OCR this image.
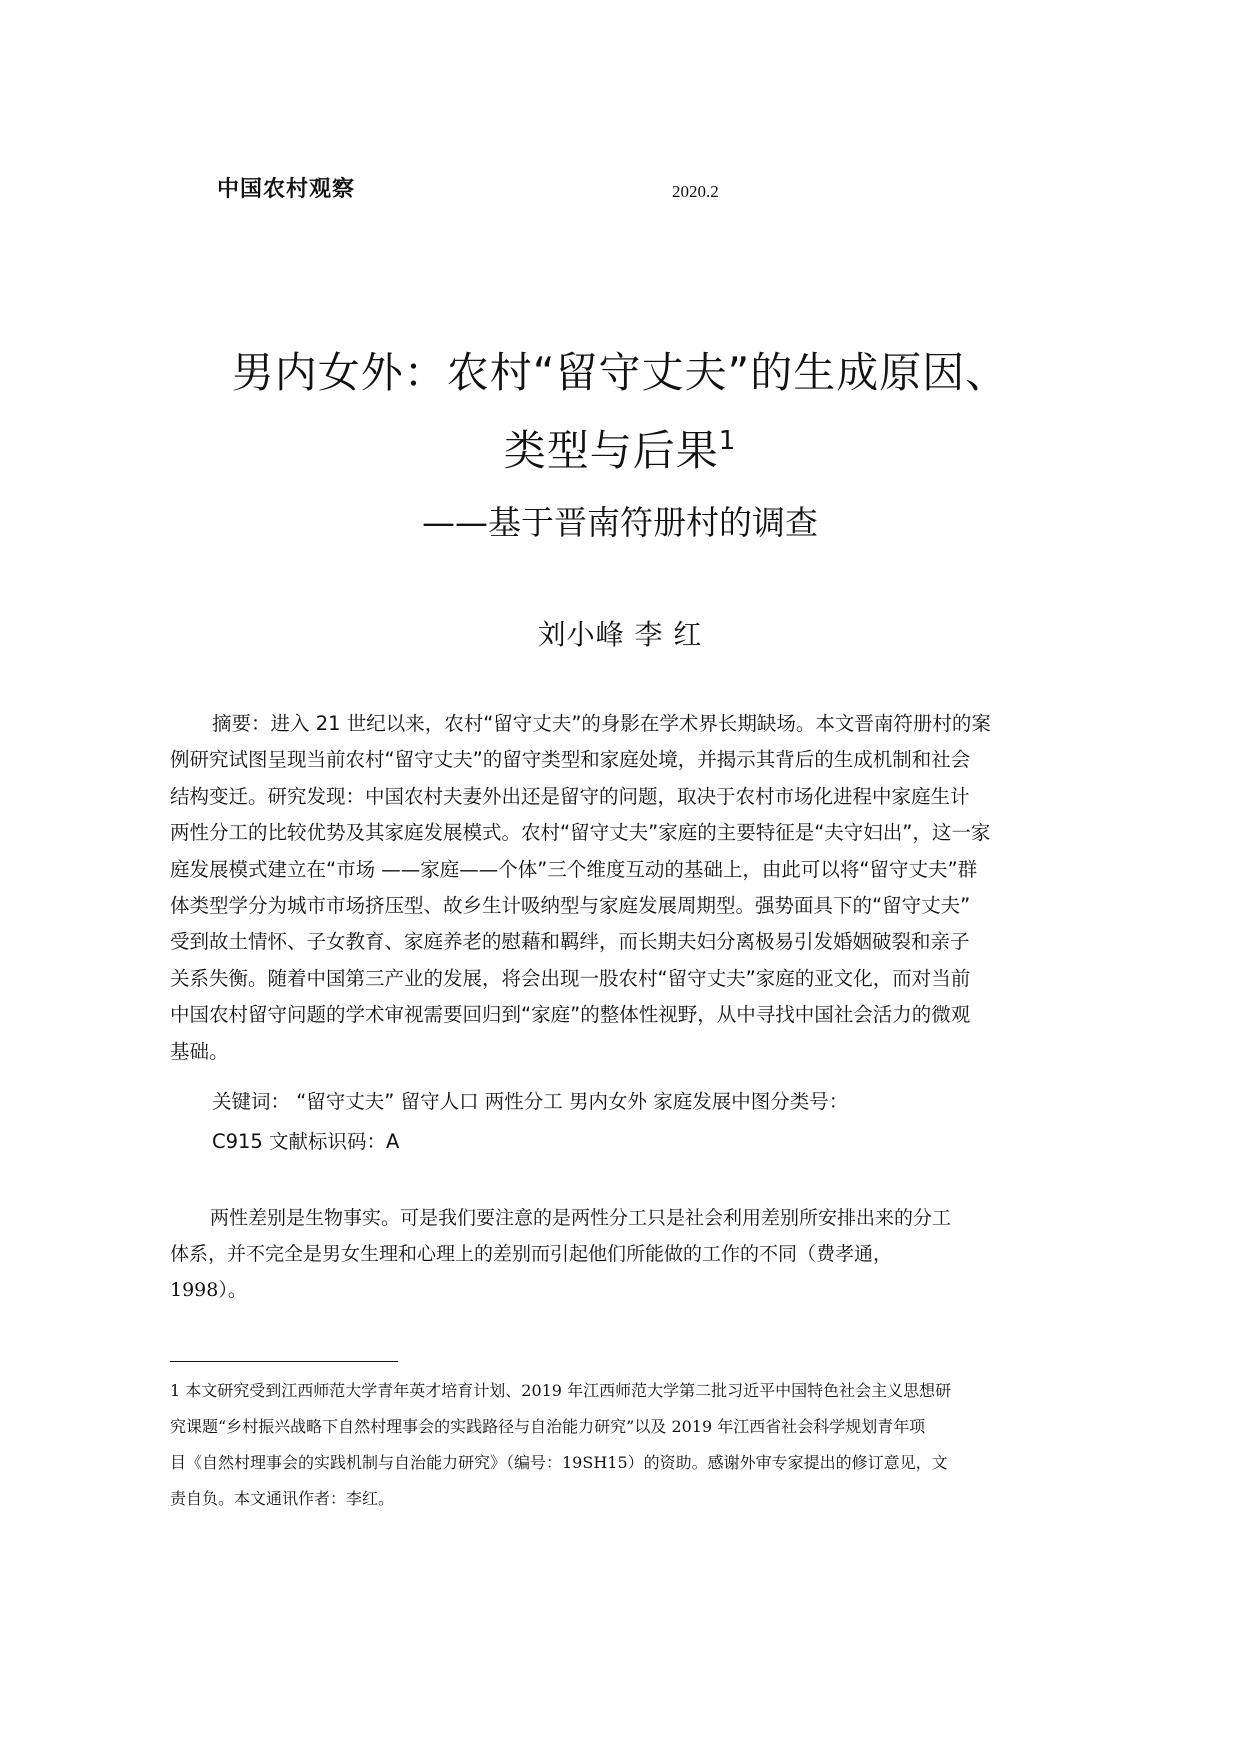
中国农村观察	2020.2
男内女外：农村“留守丈夫”的生成原因、
类型与后果$^1$
——基于晋南符册村的调查
刘小峰 李 红
摘要：进入 21 世纪以来，农村“留守丈夫”的身影在学术界长期缺场。本文晋南符册村的案
例研究试图呈现当前农村“留守丈夫”的留守类型和家庭处境，并揭示其背后的生成机制和社会
结构变迁。研究发现：中国农村夫妻外出还是留守的问题，取决于农村市场化进程中家庭生计
两性分工的比较优势及其家庭发展模式。农村“留守丈夫”家庭的主要特征是“夫守妇出”，这一家
庭发展模式建立在“市场 ——家庭——个体”三个维度互动的基础上，由此可以将“留守丈夫”群
体类型学分为城市市场挤压型、故乡生计吸纳型与家庭发展周期型。强势面具下的“留守丈夫”
受到故土情怀、子女教育、家庭养老的慰藉和羁绊，而长期夫妇分离极易引发婚姻破裂和亲子
关系失衡。随着中国第三产业的发展，将会出现一股农村“留守丈夫”家庭的亚文化，而对当前
中国农村留守问题的学术审视需要回归到“家庭”的整体性视野，从中寻找中国社会活力的微观
基础。
关键词： “留守丈夫” 留守人口 两性分工 男内女外 家庭发展中图分类号：
C915 文献标识码：A
两性差别是生物事实。可是我们要注意的是两性分工只是社会利用差别所安排出来的分工
体系，并不完全是男女生理和心理上的差别而引起他们所能做的工作的不同（费孝通，
1998）。
1 本文研究受到江西师范大学青年英才培育计划、2019 年江西师范大学第二批习近平中国特色社会主义思想研
究课题“乡村振兴战略下自然村理事会的实践路径与自治能力研究”以及 2019 年江西省社会科学规划青年项
目《自然村理事会的实践机制与自治能力研究》（编号：19SH15）的资助。感谢外审专家提出的修订意见，文
责自负。本文通讯作者：李红。
